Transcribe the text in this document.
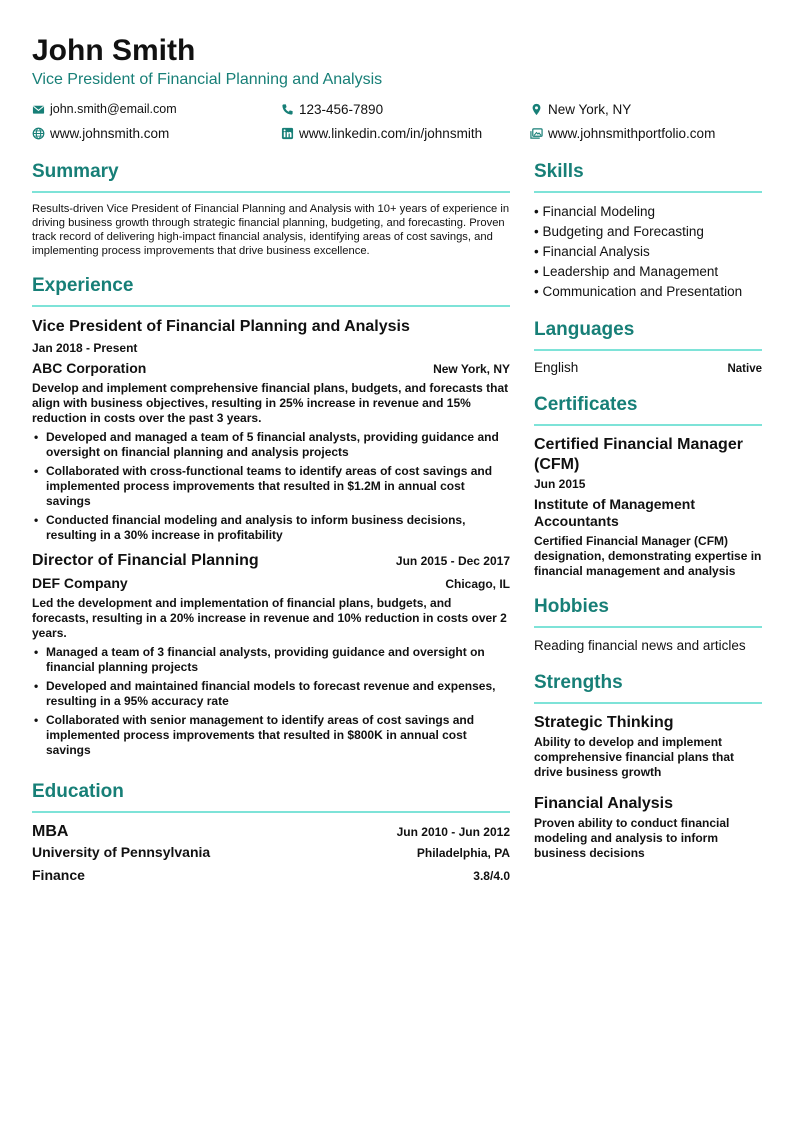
John Smith
Vice President of Financial Planning and Analysis
john.smith@email.com	123-456-7890	New York, NY
www.johnsmith.com	www.linkedin.com/in/johnsmith	www.johnsmithportfolio.com
Summary
Results-driven Vice President of Financial Planning and Analysis with 10+ years of experience in driving business growth through strategic financial planning, budgeting, and forecasting. Proven track record of delivering high-impact financial analysis, identifying areas of cost savings, and implementing process improvements that drive business excellence.
Experience
Vice President of Financial Planning and Analysis
Jan 2018 - Present
ABC Corporation	New York, NY
Develop and implement comprehensive financial plans, budgets, and forecasts that align with business objectives, resulting in 25% increase in revenue and 15% reduction in costs over the past 3 years.
• Developed and managed a team of 5 financial analysts, providing guidance and oversight on financial planning and analysis projects
• Collaborated with cross-functional teams to identify areas of cost savings and implemented process improvements that resulted in $1.2M in annual cost savings
• Conducted financial modeling and analysis to inform business decisions, resulting in a 30% increase in profitability
Director of Financial Planning	Jun 2015 - Dec 2017
DEF Company	Chicago, IL
Led the development and implementation of financial plans, budgets, and forecasts, resulting in a 20% increase in revenue and 10% reduction in costs over 2 years.
• Managed a team of 3 financial analysts, providing guidance and oversight on financial planning projects
• Developed and maintained financial models to forecast revenue and expenses, resulting in a 95% accuracy rate
• Collaborated with senior management to identify areas of cost savings and implemented process improvements that resulted in $800K in annual cost savings
Education
MBA	Jun 2010 - Jun 2012
University of Pennsylvania	Philadelphia, PA
Finance	3.8/4.0
Skills
• Financial Modeling
• Budgeting and Forecasting
• Financial Analysis
• Leadership and Management
• Communication and Presentation
Languages
English	Native
Certificates
Certified Financial Manager (CFM)
Jun 2015
Institute of Management Accountants
Certified Financial Manager (CFM) designation, demonstrating expertise in financial management and analysis
Hobbies
Reading financial news and articles
Strengths
Strategic Thinking
Ability to develop and implement comprehensive financial plans that drive business growth
Financial Analysis
Proven ability to conduct financial modeling and analysis to inform business decisions
